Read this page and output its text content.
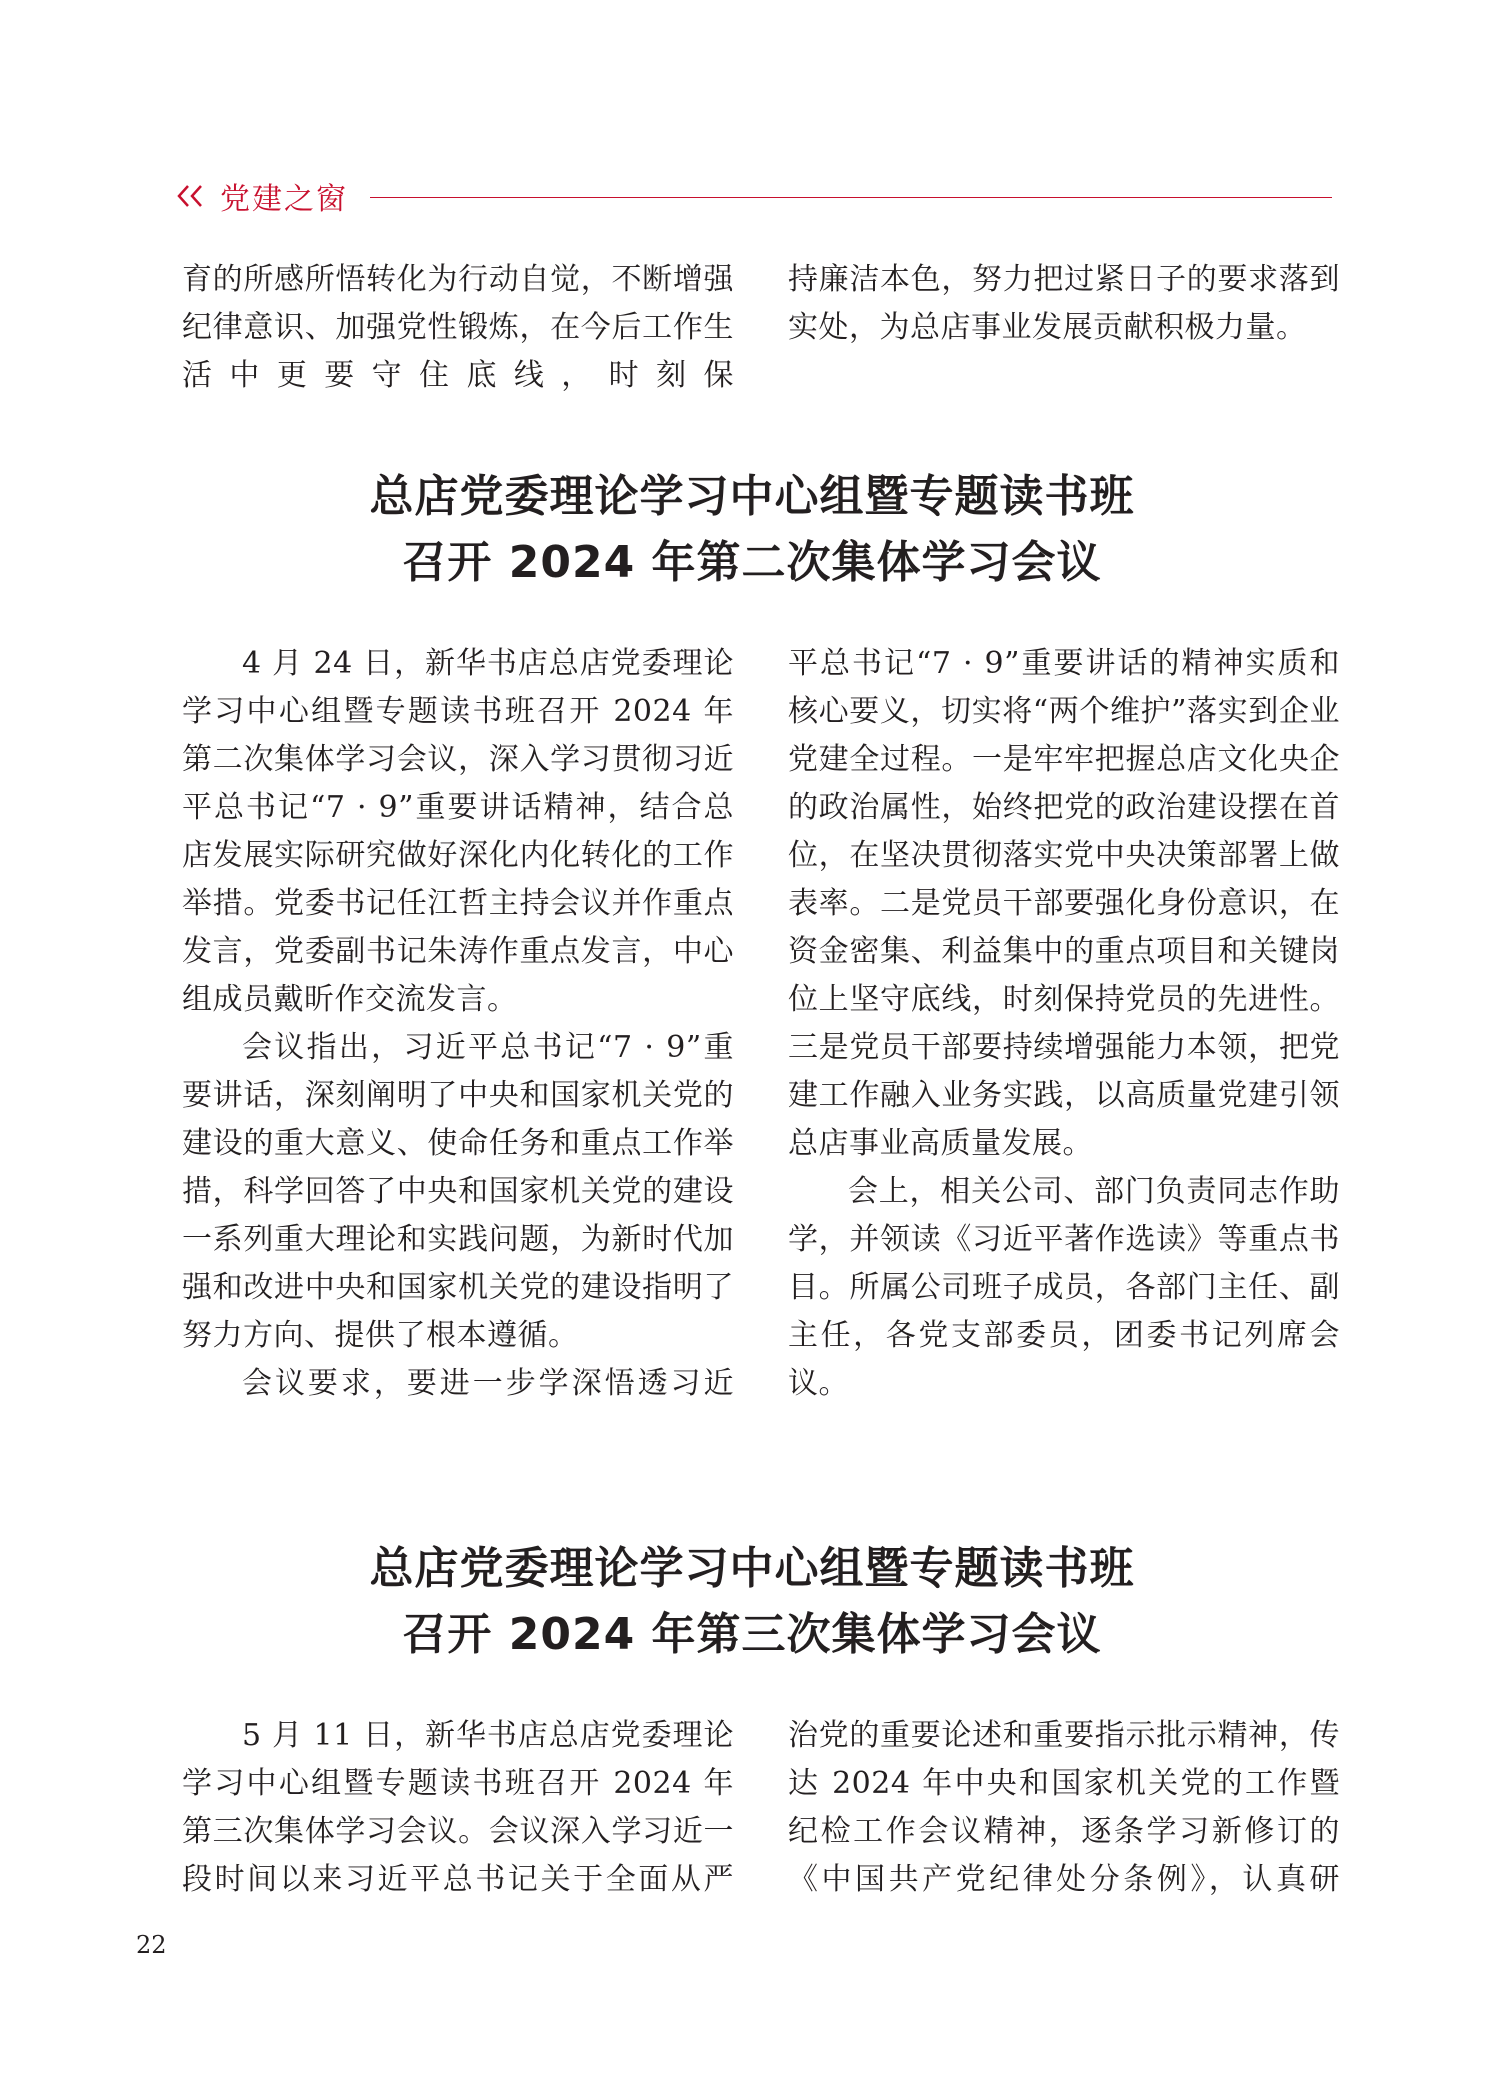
党建之窗

育的所感所悟转化为行动自觉，不断增强纪律意识、加强党性锻炼，在今后工作生活中更要守住底线，时刻保

持廉洁本色，努力把过紧日子的要求落到实处，为总店事业发展贡献积极力量。

总店党委理论学习中心组暨专题读书班
召开 2024 年第二次集体学习会议

4 月 24 日，新华书店总店党委理论学习中心组暨专题读书班召开 2024 年第二次集体学习会议，深入学习贯彻习近平总书记“7 · 9”重要讲话精神，结合总店发展实际研究做好深化内化转化的工作举措。党委书记任江哲主持会议并作重点发言，党委副书记朱涛作重点发言，中心组成员戴昕作交流发言。

会议指出，习近平总书记“7 · 9”重要讲话，深刻阐明了中央和国家机关党的建设的重大意义、使命任务和重点工作举措，科学回答了中央和国家机关党的建设一系列重大理论和实践问题，为新时代加强和改进中央和国家机关党的建设指明了努力方向、提供了根本遵循。

会议要求，要进一步学深悟透习近

平总书记“7 · 9”重要讲话的精神实质和核心要义，切实将“两个维护”落实到企业党建全过程。一是牢牢把握总店文化央企的政治属性，始终把党的政治建设摆在首位，在坚决贯彻落实党中央决策部署上做表率。二是党员干部要强化身份意识，在资金密集、利益集中的重点项目和关键岗位上坚守底线，时刻保持党员的先进性。三是党员干部要持续增强能力本领，把党建工作融入业务实践，以高质量党建引领总店事业高质量发展。

会上，相关公司、部门负责同志作助学，并领读《习近平著作选读》等重点书目。所属公司班子成员，各部门主任、副主任，各党支部委员，团委书记列席会议。

总店党委理论学习中心组暨专题读书班
召开 2024 年第三次集体学习会议

5 月 11 日，新华书店总店党委理论学习中心组暨专题读书班召开 2024 年第三次集体学习会议。会议深入学习近一段时间以来习近平总书记关于全面从严

治党的重要论述和重要指示批示精神，传达 2024 年中央和国家机关党的工作暨纪检工作会议精神，逐条学习新修订的《中国共产党纪律处分条例》，认真研

22
